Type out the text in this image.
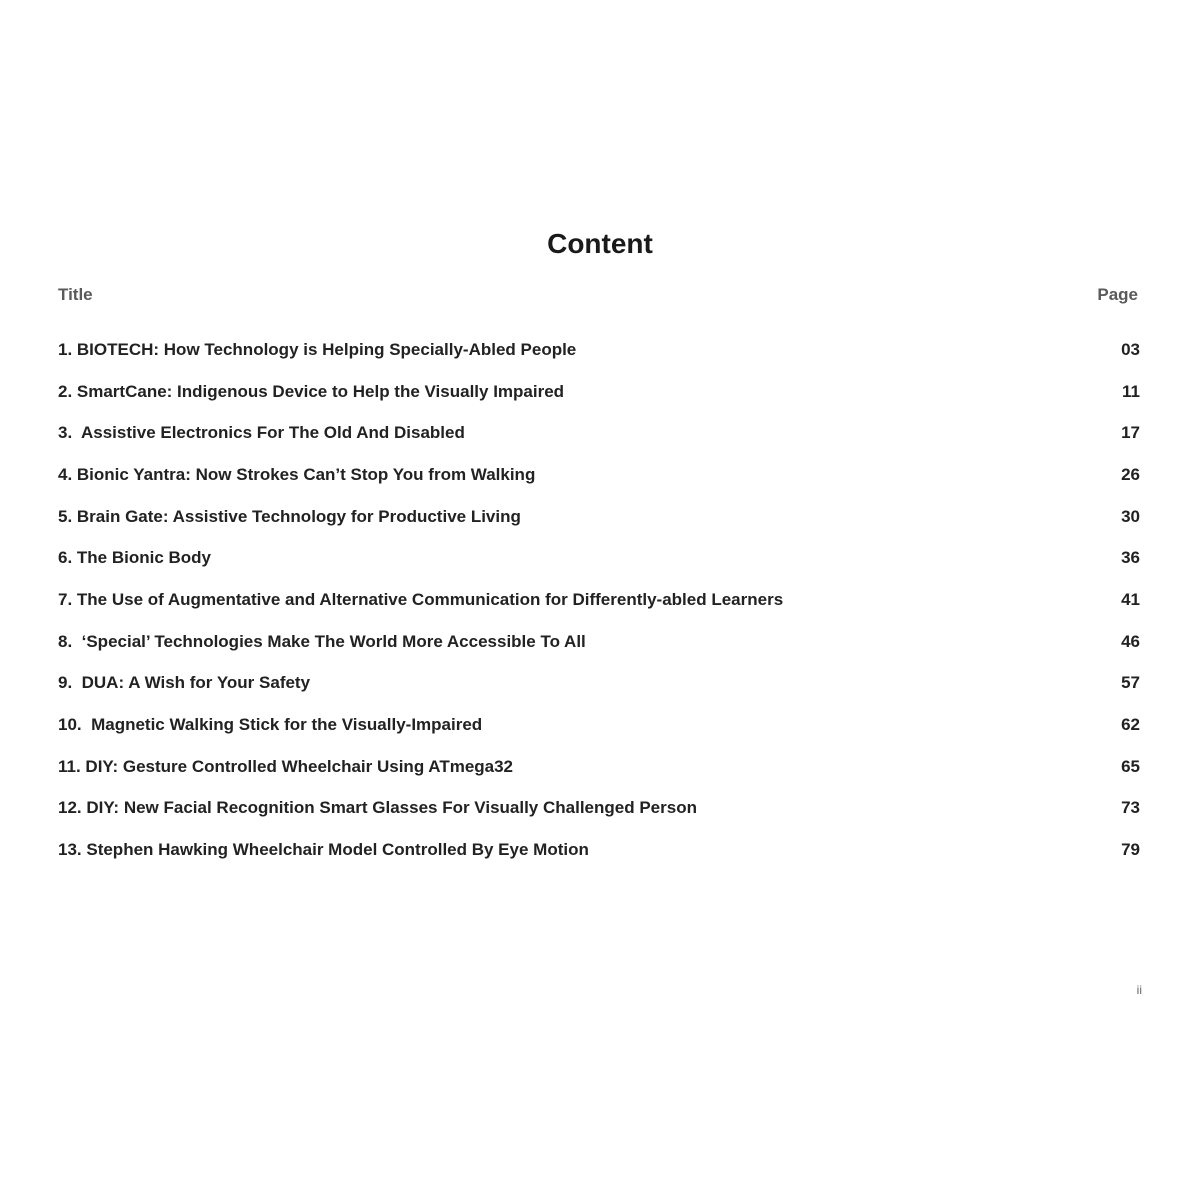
Content
Title	Page
1. BIOTECH: How Technology is Helping Specially-Abled People	03
2. SmartCane: Indigenous Device to Help the Visually Impaired	11
3.  Assistive Electronics For The Old And Disabled	17
4. Bionic Yantra: Now Strokes Can’t Stop You from Walking	26
5. Brain Gate: Assistive Technology for Productive Living	30
6. The Bionic Body	36
7. The Use of Augmentative and Alternative Communication for Differently-abled Learners	41
8.  ‘Special’ Technologies Make The World More Accessible To All	46
9.  DUA: A Wish for Your Safety	57
10.  Magnetic Walking Stick for the Visually-Impaired	62
11. DIY: Gesture Controlled Wheelchair Using ATmega32	65
12. DIY: New Facial Recognition Smart Glasses For Visually Challenged Person	73
13. Stephen Hawking Wheelchair Model Controlled By Eye Motion	79
ii
